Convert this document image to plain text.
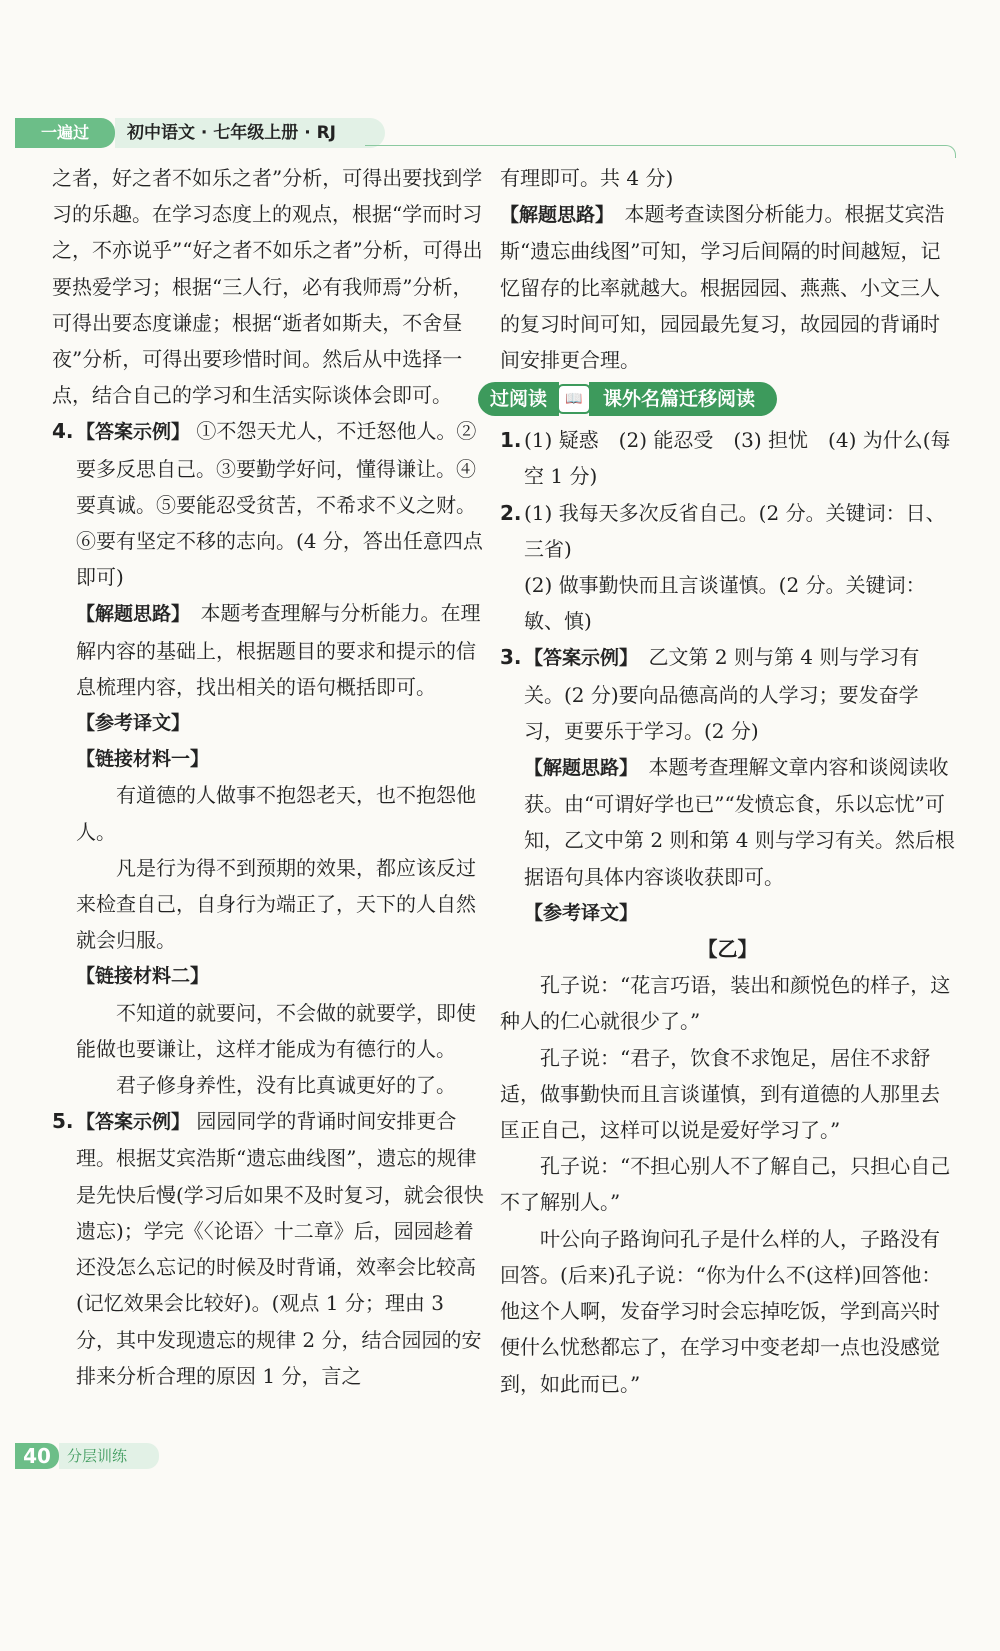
一遍过	初中语文 · 七年级上册 · RJ

之者，好之者不如乐之者”分析，可得出要找到学习的乐趣。在学习态度上的观点，根据“学而时习之，不亦说乎”“好之者不如乐之者”分析，可得出要热爱学习；根据“三人行，必有我师焉”分析，可得出要态度谦虚；根据“逝者如斯夫，不舍昼夜”分析，可得出要珍惜时间。然后从中选择一点，结合自己的学习和生活实际谈体会即可。

4. 【答案示例】 ①不怨天尤人，不迁怒他人。②要多反思自己。③要勤学好问，懂得谦让。④要真诚。⑤要能忍受贫苦，不希求不义之财。⑥要有坚定不移的志向。(4 分，答出任意四点即可)

【解题思路】　 本题考查理解与分析能力。在理解内容的基础上，根据题目的要求和提示的信息梳理内容，找出相关的语句概括即可。

【参考译文】

【链接材料一】

有道德的人做事不抱怨老天，也不抱怨他人。

凡是行为得不到预期的效果，都应该反过来检查自己，自身行为端正了，天下的人自然就会归服。

【链接材料二】

不知道的就要问，不会做的就要学，即使能做也要谦让，这样才能成为有德行的人。

君子修身养性，没有比真诚更好的了。

5. 【答案示例】 园园同学的背诵时间安排更合理。根据艾宾浩斯“遗忘曲线图”，遗忘的规律是先快后慢(学习后如果不及时复习，就会很快遗忘)；学完《〈论语〉十二章》后，园园趁着还没怎么忘记的时候及时背诵，效率会比较高(记忆效果会比较好)。(观点 1 分；理由 3 分，其中发现遗忘的规律 2 分，结合园园的安排来分析合理的原因 1 分，言之

有理即可。共 4 分)

【解题思路】　 本题考查读图分析能力。根据艾宾浩斯“遗忘曲线图”可知，学习后间隔的时间越短，记忆留存的比率就越大。根据园园、燕燕、小文三人的复习时间可知，园园最先复习，故园园的背诵时间安排更合理。

过阅读	📖	课外名篇迁移阅读

1. (1) 疑惑　(2) 能忍受　(3) 担忧　(4) 为什么(每空 1 分)

2. (1) 我每天多次反省自己。(2 分。关键词：日、三省)

(2) 做事勤快而且言谈谨慎。(2 分。关键词：敏、慎)

3. 【答案示例】　 乙文第 2 则与第 4 则与学习有关。(2 分)要向品德高尚的人学习；要发奋学习，更要乐于学习。(2 分)

【解题思路】　 本题考查理解文章内容和谈阅读收获。由“可谓好学也已”“发愤忘食，乐以忘忧”可知，乙文中第 2 则和第 4 则与学习有关。然后根据语句具体内容谈收获即可。

【参考译文】

【乙】

孔子说：“花言巧语，装出和颜悦色的样子，这种人的仁心就很少了。”

孔子说：“君子，饮食不求饱足，居住不求舒适，做事勤快而且言谈谨慎，到有道德的人那里去匡正自己，这样可以说是爱好学习了。”

孔子说：“不担心别人不了解自己，只担心自己不了解别人。”

叶公向子路询问孔子是什么样的人，子路没有回答。(后来)孔子说：“你为什么不(这样)回答他：他这个人啊，发奋学习时会忘掉吃饭，学到高兴时便什么忧愁都忘了，在学习中变老却一点也没感觉到，如此而已。”

40	分层训练
